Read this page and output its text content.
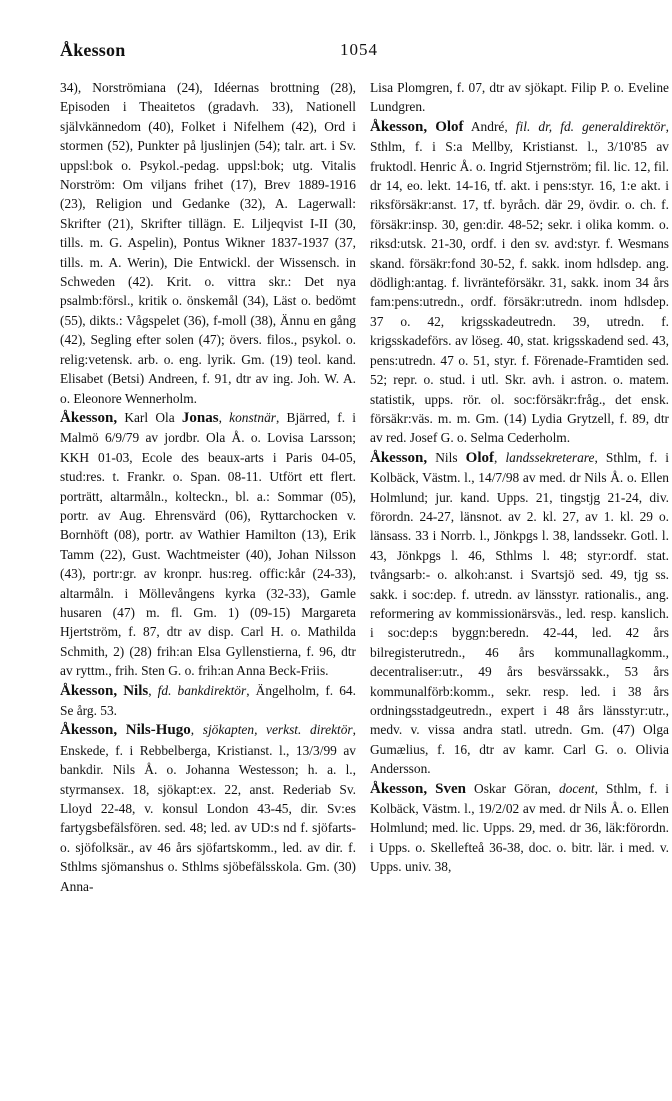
Åkesson	1054

34), Norströmiana (24), Idéernas brottning (28), Episoden i Theaitetos (gradavh. 33), Nationell självkännedom (40), Folket i Nifelhem (42), Ord i stormen (52), Punkter på ljuslinjen (54); talr. art. i Sv. uppsl:bok o. Psykol.-pedag. uppsl:bok; utg. Vitalis Norström: Om viljans frihet (17), Brev 1889-1916 (23), Religion und Gedanke (32), A. Lagerwall: Skrifter (21), Skrifter tillägn. E. Liljeqvist I-II (30, tills. m. G. Aspelin), Pontus Wikner 1837-1937 (37, tills. m. A. Werin), Die Entwickl. der Wissensch. in Schweden (42). Krit. o. vittra skr.: Det nya psalmb:försl., kritik o. önskemål (34), Läst o. bedömt (55), dikts.: Vågspelet (36), f-moll (38), Ännu en gång (42), Segling efter solen (47); övers. filos., psykol. o. relig:vetensk. arb. o. eng. lyrik. Gm. (19) teol. kand. Elisabet (Betsi) Andreen, f. 91, dtr av ing. Joh. W. A. o. Eleonore Wennerholm.

Åkesson, Karl Ola Jonas, konstnär, Bjärred, f. i Malmö 6/9/79 av jordbr. Ola Å. o. Lovisa Larsson; KKH 01-03, Ecole des beaux-arts i Paris 04-05, stud:res. t. Frankr. o. Span. 08-11. Utfört ett flert. porträtt, altarmåln., kolteckn., bl. a.: Sommar (05), portr. av Aug. Ehrensvärd (06), Ryttarchocken v. Bornhöft (08), portr. av Wathier Hamilton (13), Erik Tamm (22), Gust. Wachtmeister (40), Johan Nilsson (43), portr:gr. av kronpr. hus:reg. offic:kår (24-33), altarmåln. i Möllevångens kyrka (32-33), Gamle husaren (47) m. fl. Gm. 1) (09-15) Margareta Hjertström, f. 87, dtr av disp. Carl H. o. Mathilda Schmith, 2) (28) frih:an Elsa Gyllenstierna, f. 96, dtr av ryttm., frih. Sten G. o. frih:an Anna Beck-Friis.

Åkesson, Nils, fd. bankdirektör, Ängelholm, f. 64. Se årg. 53.

Åkesson, Nils-Hugo, sjökapten, verkst. direktör, Enskede, f. i Rebbelberga, Kristianst. l., 13/3/99 av bankdir. Nils Å. o. Johanna Westesson; h. a. l., styrmansex. 18, sjökapt:ex. 22, anst. Rederiab Sv. Lloyd 22-48, v. konsul London 43-45, dir. Sv:es fartygsbefälsfören. sed. 48; led. av UD:s nd f. sjöfarts- o. sjöfolksär., av 46 års sjöfartskomm., led. av dir. f. Sthlms sjömanshus o. Sthlms sjöbefälsskola. Gm. (30) Anna-

Lisa Plomgren, f. 07, dtr av sjökapt. Filip P. o. Eveline Lundgren.

Åkesson, Olof André, fil. dr, fd. generaldirektör, Sthlm, f. i S:a Mellby, Kristianst. l., 3/10'85 av fruktodl. Henric Å. o. Ingrid Stjernström; fil. lic. 12, fil. dr 14, eo. lekt. 14-16, tf. akt. i pens:styr. 16, 1:e akt. i riksförsäkr:anst. 17, tf. byråch. där 29, övdir. o. ch. f. försäkr:insp. 30, gen:dir. 48-52; sekr. i olika komm. o. riksd:utsk. 21-30, ordf. i den sv. avd:styr. f. Wesmans skand. försäkr:fond 30-52, f. sakk. inom hdlsdep. ang. dödligh:antag. f. livränteförsäkr. 31, sakk. inom 34 års fam:pens:utredn., ordf. försäkr:utredn. inom hdlsdep. 37 o. 42, krigsskadeutredn. 39, utredn. f. krigsskadeförs. av löseg. 40, stat. krigsskadend sed. 43, pens:utredn. 47 o. 51, styr. f. Förenade-Framtiden sed. 52; repr. o. stud. i utl. Skr. avh. i astron. o. matem. statistik, upps. rör. ol. soc:försäkr:fråg., det ensk. försäkr:väs. m. m. Gm. (14) Lydia Grytzell, f. 89, dtr av red. Josef G. o. Selma Cederholm.

Åkesson, Nils Olof, landssekreterare, Sthlm, f. i Kolbäck, Västm. l., 14/7/98 av med. dr Nils Å. o. Ellen Holmlund; jur. kand. Upps. 21, tingstjg 21-24, div. förordn. 24-27, länsnot. av 2. kl. 27, av 1. kl. 29 o. länsass. 33 i Norrb. l., Jönkpgs l. 38, landssekr. Gotl. l. 43, Jönkpgs l. 46, Sthlms l. 48; styr:ordf. stat. tvångsarb:- o. alkoh:anst. i Svartsjö sed. 49, tjg ss. sakk. i soc:dep. f. utredn. av länsstyr. rationalis., ang. reformering av kommissionärsväs., led. resp. kanslich. i soc:dep:s byggn:beredn. 42-44, led. 42 års bilregisterutredn., 46 års kommunallagkomm., decentraliser:utr., 49 års besvärssakk., 53 års kommunalförb:komm., sekr. resp. led. i 38 års ordningsstadgeutredn., expert i 48 års länsstyr:utr., medv. v. vissa andra statl. utredn. Gm. (47) Olga Gumælius, f. 16, dtr av kamr. Carl G. o. Olivia Andersson.

Åkesson, Sven Oskar Göran, docent, Sthlm, f. i Kolbäck, Västm. l., 19/2/02 av med. dr Nils Å. o. Ellen Holmlund; med. lic. Upps. 29, med. dr 36, läk:förordn. i Upps. o. Skellefteå 36-38, doc. o. bitr. lär. i med. v. Upps. univ. 38,
